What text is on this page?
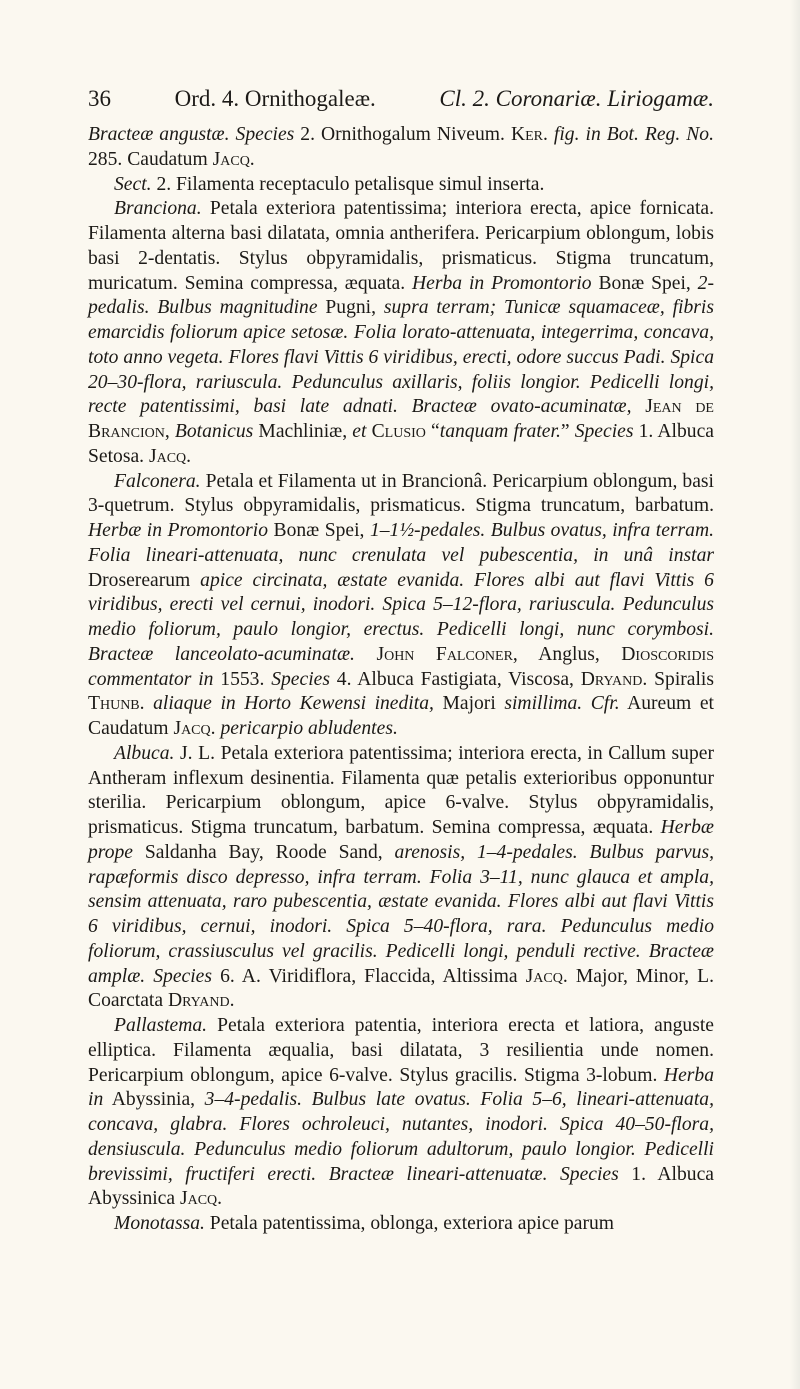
36	Ord. 4. Ornithogaleæ.	Cl. 2. Coronariæ. Liriogamæ.

Bracteæ angustæ. Species 2. Ornithogalum Niveum. Ker. fig. in Bot. Reg. No. 285. Caudatum Jacq.

Sect. 2. Filamenta receptaculo petalisque simul inserta.

Branciona. Petala exteriora patentissima; interiora erecta, apice fornicata. Filamenta alterna basi dilatata, omnia antherifera. Pericarpium oblongum, lobis basi 2-dentatis. Stylus obpyramidalis, prismaticus. Stigma truncatum, muricatum. Semina compressa, æquata. Herba in Promontorio Bonæ Spei, 2-pedalis. Bulbus magnitudine Pugni, supra terram; Tunicæ squamaceæ, fibris emarcidis foliorum apice setosæ. Folia lorato-attenuata, integerrima, concava, toto anno vegeta. Flores flavi Vittis 6 viridibus, erecti, odore succus Padi. Spica 20–30-flora, rariuscula. Pedunculus axillaris, foliis longior. Pedicelli longi, recte patentissimi, basi late adnati. Bracteæ ovato-acuminatæ, Jean de Brancion, Botanicus Machliniæ, et Clusio “tanquam frater.” Species 1. Albuca Setosa. Jacq.

Falconera. Petala et Filamenta ut in Brancionâ. Pericarpium oblongum, basi 3-quetrum. Stylus obpyramidalis, prismaticus. Stigma truncatum, barbatum. Herbæ in Promontorio Bonæ Spei, 1–1½-pedales. Bulbus ovatus, infra terram. Folia lineari-attenuata, nunc crenulata vel pubescentia, in unâ instar Droserearum apice circinata, æstate evanida. Flores albi aut flavi Vittis 6 viridibus, erecti vel cernui, inodori. Spica 5–12-flora, rariuscula. Pedunculus medio foliorum, paulo longior, erectus. Pedicelli longi, nunc corymbosi. Bracteæ lanceolato-acuminatæ. John Falconer, Anglus, Dioscoridis commentator in 1553. Species 4. Albuca Fastigiata, Viscosa, Dryand. Spiralis Thunb. aliaque in Horto Kewensi inedita, Majori simillima. Cfr. Aureum et Caudatum Jacq. pericarpio abludentes.

Albuca. J. L. Petala exteriora patentissima; interiora erecta, in Callum super Antheram inflexum desinentia. Filamenta quæ petalis exterioribus opponuntur sterilia. Pericarpium oblongum, apice 6-valve. Stylus obpyramidalis, prismaticus. Stigma truncatum, barbatum. Semina compressa, æquata. Herbæ prope Saldanha Bay, Roode Sand, arenosis, 1–4-pedales. Bulbus parvus, rapæformis disco depresso, infra terram. Folia 3–11, nunc glauca et ampla, sensim attenuata, raro pubescentia, æstate evanida. Flores albi aut flavi Vittis 6 viridibus, cernui, inodori. Spica 5–40-flora, rara. Pedunculus medio foliorum, crassiusculus vel gracilis. Pedicelli longi, penduli rective. Bracteæ amplæ. Species 6. A. Viridiflora, Flaccida, Altissima Jacq. Major, Minor, L. Coarctata Dryand.

Pallastema. Petala exteriora patentia, interiora erecta et latiora, anguste elliptica. Filamenta æqualia, basi dilatata, 3 resilientia unde nomen. Pericarpium oblongum, apice 6-valve. Stylus gracilis. Stigma 3-lobum. Herba in Abyssinia, 3–4-pedalis. Bulbus late ovatus. Folia 5–6, lineari-attenuata, concava, glabra. Flores ochroleuci, nutantes, inodori. Spica 40–50-flora, densiuscula. Pedunculus medio foliorum adultorum, paulo longior. Pedicelli brevissimi, fructiferi erecti. Bracteæ lineari-attenuatæ. Species 1. Albuca Abyssinica Jacq.

Monotassa. Petala patentissima, oblonga, exteriora apice parum
